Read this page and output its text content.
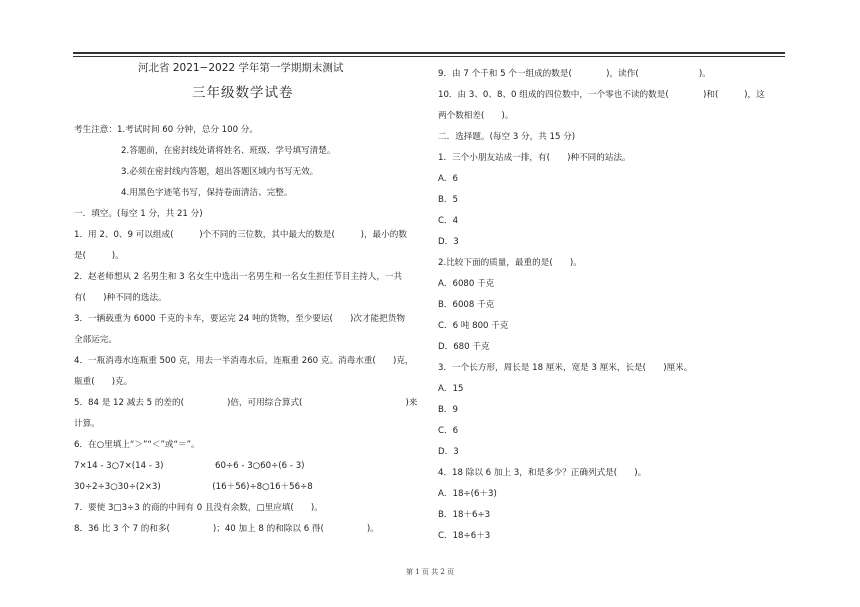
河北省 2021−2022 学年第一学期期末测试
三年级数学试卷
考生注意：1.考试时间 60 分钟，总分 100 分。
2.答题前，在密封线处请将姓名、班级、学号填写清楚。
3.必须在密封线内答题，超出答题区域内书写无效。
4.用黑色字迹笔书写，保持卷面清洁、完整。
一．填空。(每空 1 分，共 21 分)
1．用 2、0、9 可以组成(　　　)个不同的三位数，其中最大的数是(　　　)，最小的数
是(　　　)。
2．赵老师想从 2 名男生和 3 名女生中选出一名男生和一名女生担任节目主持人，一共
有(　　)种不同的选法。
3．一辆载重为 6000 千克的卡车，要运完 24 吨的货物，至少要运(　　)次才能把货物
全部运完。
4．一瓶消毒水连瓶重 500 克，用去一半消毒水后，连瓶重 260 克。消毒水重(　　)克，
瓶重(　　)克。
5．84 是 12 减去 5 的差的(　　　　　)倍，可用综合算式(　　　　　　　　　　　　)来
计算。
6．在○里填上“＞”“＜”或“＝”。
7×14 - 3○7×(14 - 3)　　　　　　60÷6 - 3○60÷(6 - 3)
30÷2÷3○30÷(2×3)　　　　　　(16＋56)÷8○16＋56÷8
7．要使 3□3÷3 的商的中间有 0 且没有余数，□里应填(　　)。
8．36 比 3 个 7 的和多(　　　　　)；40 加上 8 的和除以 6 得(　　　　　)。
9．由 7 个千和 5 个一组成的数是(　　　　)，读作(　　　　　　　)。
10．由 3、0、8、0 组成的四位数中，一个零也不读的数是(　　　　)和(　　　)，这
两个数相差(　　)。
二．选择题。(每空 3 分，共 15 分)
1．三个小朋友站成一排，有(　　)种不同的站法。
A．6
B．5
C．4
D．3
2.比较下面的质量，最重的是(　　)。
A．6080 千克
B．6008 千克
C．6 吨 800 千克
D．680 千克
3．一个长方形，周长是 18 厘米，宽是 3 厘米，长是(　　)厘米。
A．15
B．9
C．6
D．3
4．18 除以 6 加上 3，和是多少？正确列式是(　　)。
A．18÷(6＋3)
B．18＋6÷3
C．18÷6＋3
第 1 页 共 2 页
